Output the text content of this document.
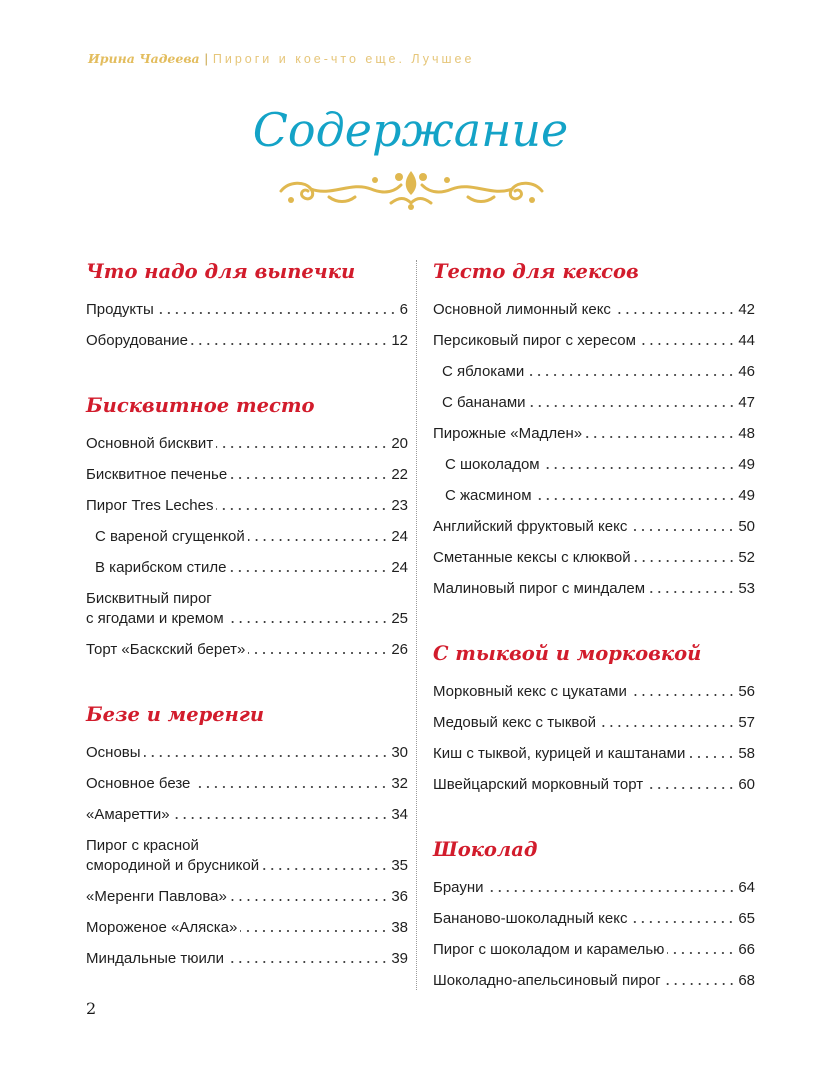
Ирина Чадеева | Пироги и кое-что еще. Лучшее
Содержание
Что надо для выпечки
Продукты	6
Оборудование	12
Бисквитное тесто
Основной бисквит	20
Бисквитное печенье	22
Пирог Tres Leches	23
С вареной сгущенкой	24
В карибском стиле	24
Бисквитный пирог
с ягодами и кремом	25
Торт «Баскский берет»	26
Безе и меренги
Основы	30
Основное безе	32
«Амаретти»	34
Пирог с красной
смородиной и брусникой	35
«Меренги Павлова»	36
Мороженое «Аляска»	38
Миндальные тюили	39
Тесто для кексов
Основной лимонный кекс	42
Персиковый пирог с хересом	44
С яблоками	46
С бананами	47
Пирожные «Мадлен»	48
С шоколадом	49
С жасмином	49
Английский фруктовый кекс	50
Сметанные кексы с клюквой	52
Малиновый пирог с миндалем	53
С тыквой и морковкой
Морковный кекс с цукатами	56
Медовый кекс с тыквой	57
Киш с тыквой, курицей и каштанами	58
Швейцарский морковный торт	60
Шоколад
Брауни	64
Бананово-шоколадный кекс	65
Пирог с шоколадом и карамелью	66
Шоколадно-апельсиновый пирог	68
2
